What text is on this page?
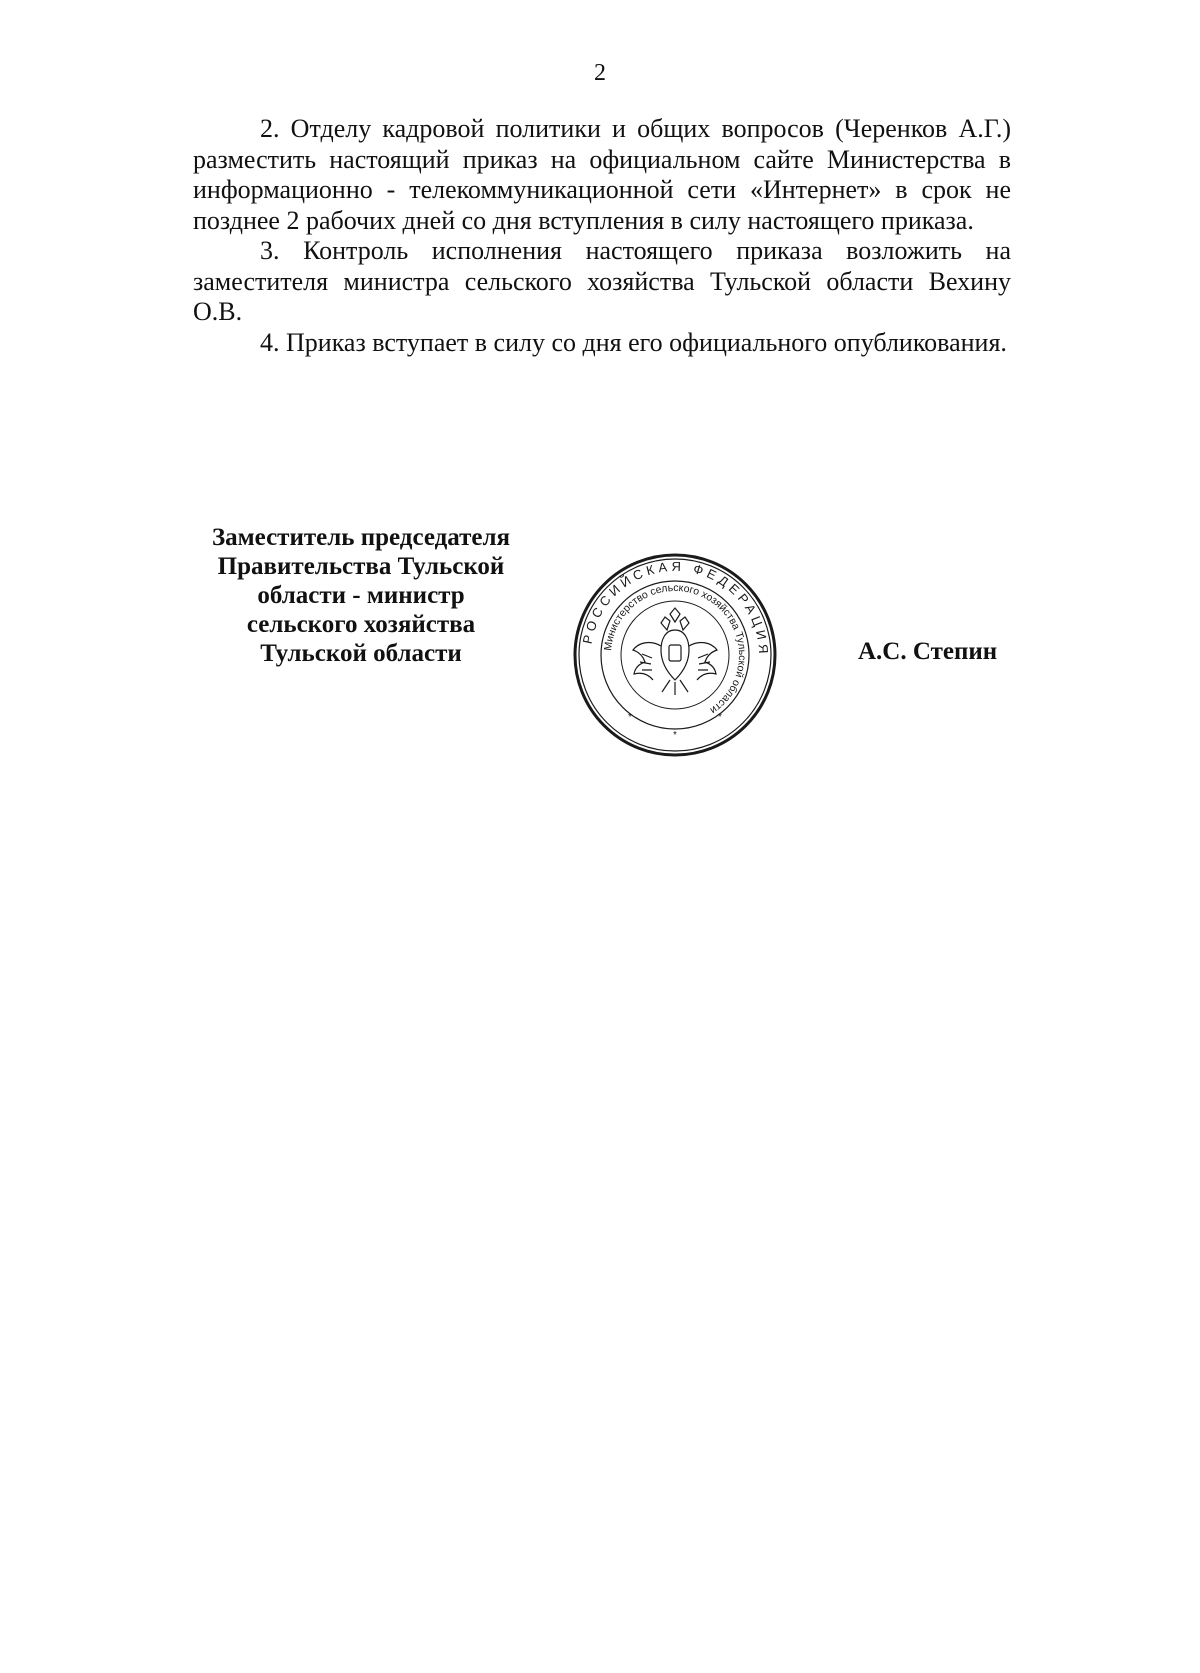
2

2. Отделу кадровой политики и общих вопросов (Черенков А.Г.) разместить настоящий приказ на официальном сайте Министерства в информационно - телекоммуникационной сети «Интернет» в срок не позднее 2 рабочих дней со дня вступления в силу настоящего приказа.

3. Контроль исполнения настоящего приказа возложить на заместителя министра сельского хозяйства Тульской области Вехину О.В.

4. Приказ вступает в силу со дня его официального опубликования.

Заместитель председателя
Правительства Тульской
области - министр
сельского хозяйства
Тульской области
РОССИЙСКАЯ ФЕДЕРАЦИЯ
Министерство сельского хозяйства Тульской области
*
*	*
А.С. Степин
